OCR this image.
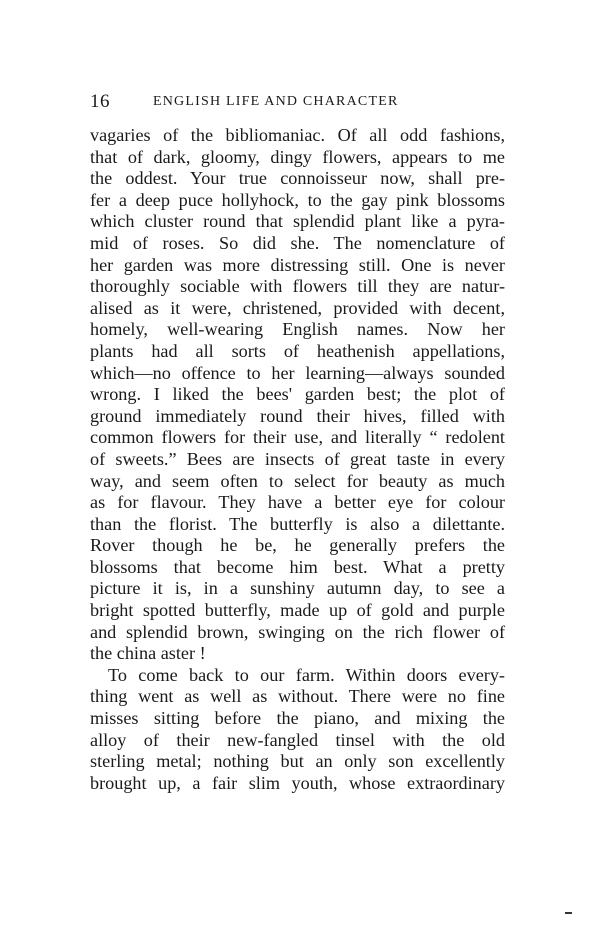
16	ENGLISH LIFE AND CHARACTER
vagaries of the bibliomaniac. Of all odd fashions,
that of dark, gloomy, dingy flowers, appears to me
the oddest. Your true connoisseur now, shall pre-
fer a deep puce hollyhock, to the gay pink blossoms
which cluster round that splendid plant like a pyra-
mid of roses. So did she. The nomenclature of
her garden was more distressing still. One is never
thoroughly sociable with flowers till they are natur-
alised as it were, christened, provided with decent,
homely, well-wearing English names. Now her
plants had all sorts of heathenish appellations,
which—no offence to her learning—always sounded
wrong. I liked the bees' garden best; the plot of
ground immediately round their hives, filled with
common flowers for their use, and literally “ redolent
of sweets.” Bees are insects of great taste in every
way, and seem often to select for beauty as much
as for flavour. They have a better eye for colour
than the florist. The butterfly is also a dilettante.
Rover though he be, he generally prefers the
blossoms that become him best. What a pretty
picture it is, in a sunshiny autumn day, to see a
bright spotted butterfly, made up of gold and purple
and splendid brown, swinging on the rich flower of
the china aster !
To come back to our farm. Within doors every-
thing went as well as without. There were no fine
misses sitting before the piano, and mixing the
alloy of their new-fangled tinsel with the old
sterling metal; nothing but an only son excellently
brought up, a fair slim youth, whose extraordinary
